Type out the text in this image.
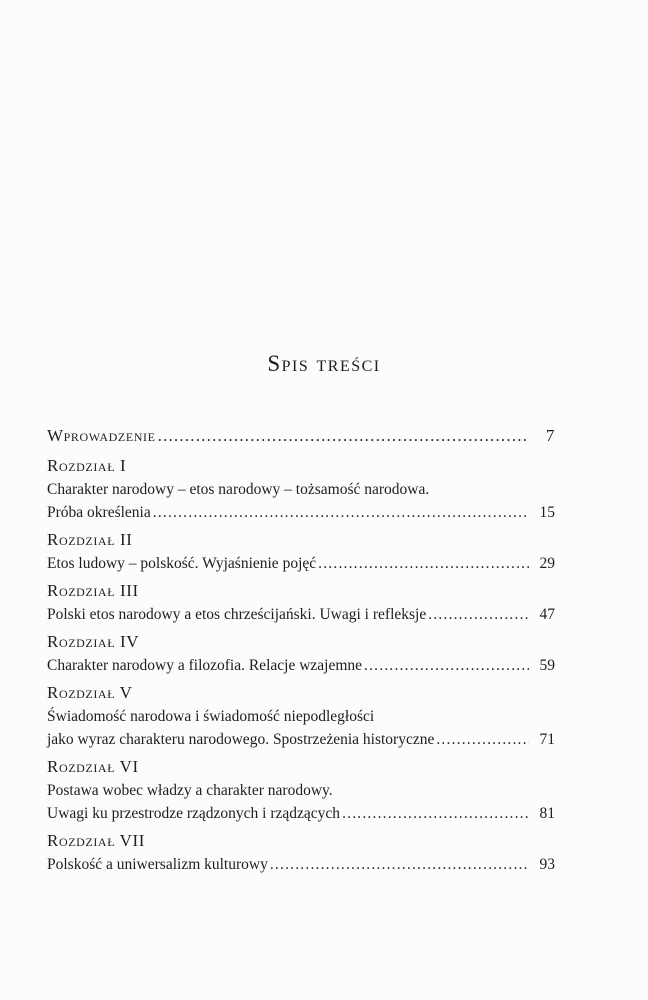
Spis treści
Wprowadzenie .....	7
Rozdział I
Charakter narodowy – etos narodowy – tożsamość narodowa.
Próba określenia .....	15
Rozdział II
Etos ludowy – polskość. Wyjaśnienie pojęć .....	29
Rozdział III
Polski etos narodowy a etos chrześcijański. Uwagi i refleksje .....	47
Rozdział IV
Charakter narodowy a filozofia. Relacje wzajemne .....	59
Rozdział V
Świadomość narodowa i świadomość niepodległości
jako wyraz charakteru narodowego. Spostrzeżenia historyczne .....	71
Rozdział VI
Postawa wobec władzy a charakter narodowy.
Uwagi ku przestrodze rządzonych i rządzących .....	81
Rozdział VII
Polskość a uniwersalizm kulturowy .....	93
